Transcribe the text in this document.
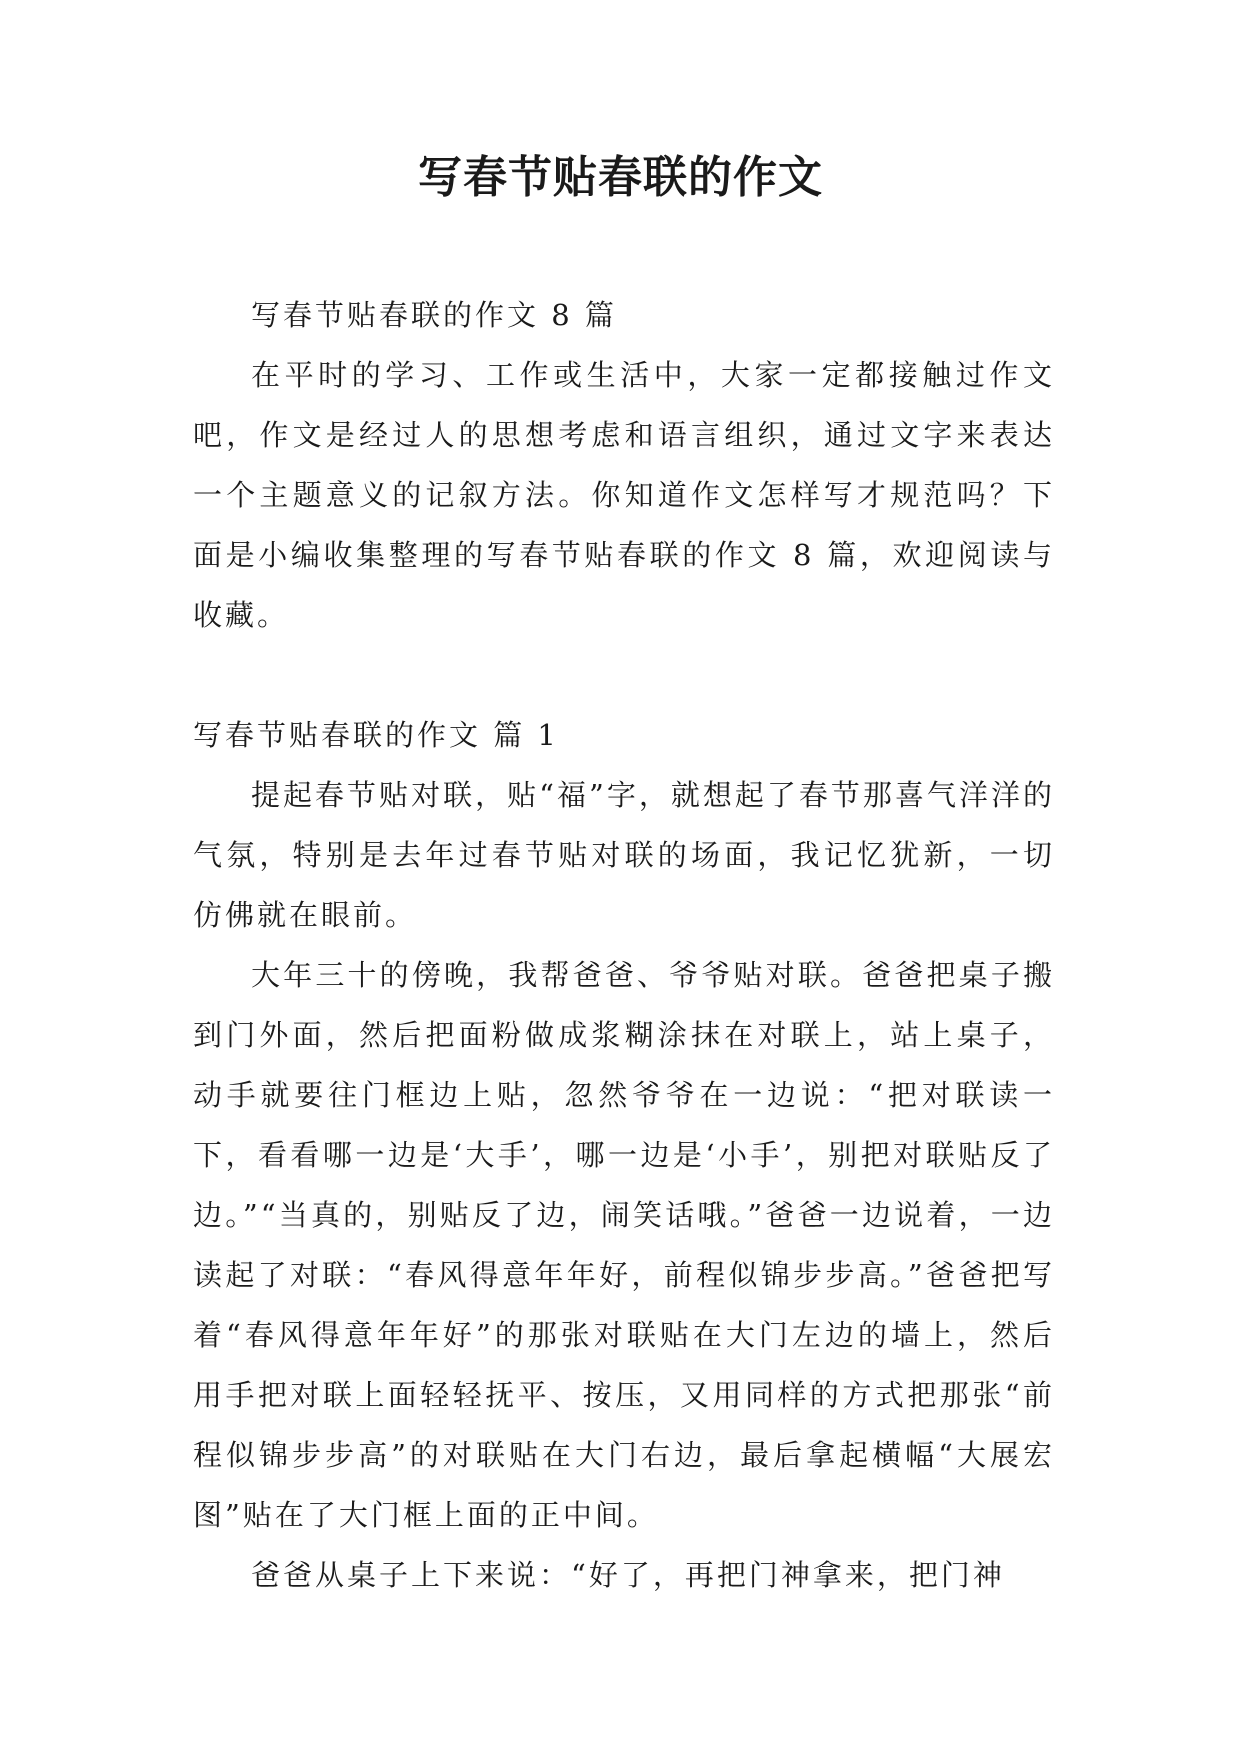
写春节贴春联的作文

写春节贴春联的作文 8 篇

在平时的学习、工作或生活中，大家一定都接触过作文吧，作文是经过人的思想考虑和语言组织，通过文字来表达一个主题意义的记叙方法。你知道作文怎样写才规范吗？下面是小编收集整理的写春节贴春联的作文 8 篇，欢迎阅读与收藏。

写春节贴春联的作文 篇 1

提起春节贴对联，贴“福”字，就想起了春节那喜气洋洋的气氛，特别是去年过春节贴对联的场面，我记忆犹新，一切仿佛就在眼前。

大年三十的傍晚，我帮爸爸、爷爷贴对联。爸爸把桌子搬到门外面，然后把面粉做成浆糊涂抹在对联上，站上桌子，动手就要往门框边上贴，忽然爷爷在一边说：“把对联读一下，看看哪一边是‘大手’，哪一边是‘小手’，别把对联贴反了边。”“当真的，别贴反了边，闹笑话哦。”爸爸一边说着，一边读起了对联：“春风得意年年好，前程似锦步步高。”爸爸把写着“春风得意年年好”的那张对联贴在大门左边的墙上，然后用手把对联上面轻轻抚平、按压，又用同样的方式把那张“前程似锦步步高”的对联贴在大门右边，最后拿起横幅“大展宏图”贴在了大门框上面的正中间。

爸爸从桌子上下来说：“好了，再把门神拿来，把门神
